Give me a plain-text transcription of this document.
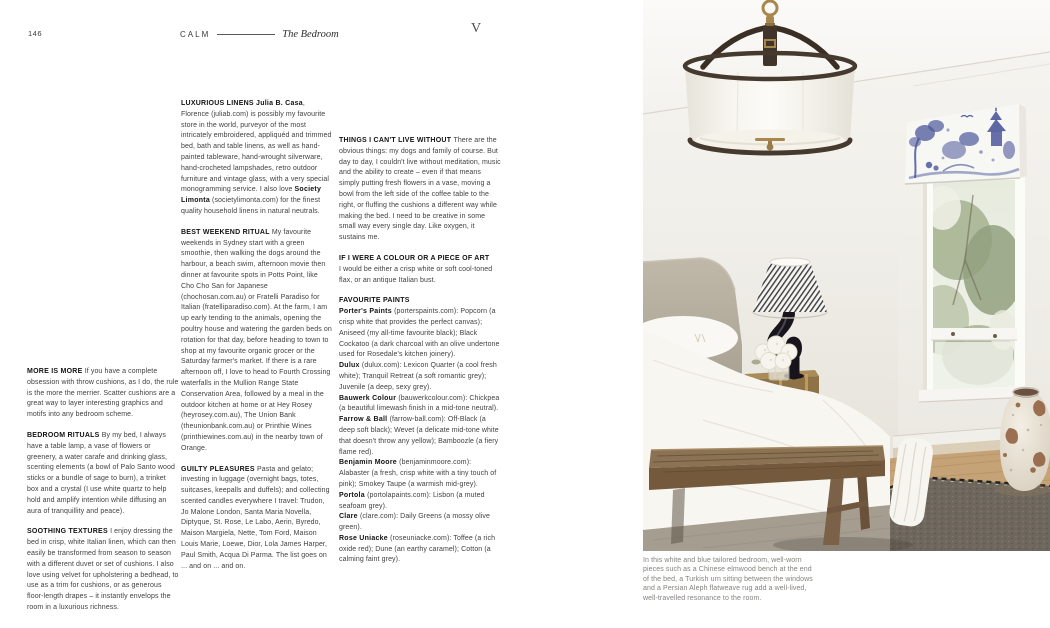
146	CALM	The Bedroom	V

MORE IS MORE If you have a complete obsession with throw cushions, as I do, the rule is the more the merrier. Scatter cushions are a great way to layer interesting graphics and motifs into any bedroom scheme.

BEDROOM RITUALS By my bed, I always have a table lamp, a vase of flowers or greenery, a water carafe and drinking glass, scenting elements (a bowl of Palo Santo wood sticks or a bundle of sage to burn), a trinket box and a crystal (I use white quartz to help hold and amplify intention while diffusing an aura of tranquillity and peace).

SOOTHING TEXTURES I enjoy dressing the bed in crisp, white Italian linen, which can then easily be transformed from season to season with a different duvet or set of cushions. I also love using velvet for upholstering a bedhead, to use as a trim for cushions, or as generous floor-length drapes – it instantly envelops the room in a luxurious richness.

LUXURIOUS LINENS Julia B. Casa, Florence (juliab.com) is possibly my favourite store in the world, purveyor of the most intricately embroidered, appliquéd and trimmed bed, bath and table linens, as well as hand-painted tableware, hand-wrought silverware, hand-crocheted lampshades, retro outdoor furniture and vintage glass, with a very special monogramming service. I also love Society Limonta (societylimonta.com) for the finest quality household linens in natural neutrals.

BEST WEEKEND RITUAL My favourite weekends in Sydney start with a green smoothie, then walking the dogs around the harbour, a beach swim, afternoon movie then dinner at favourite spots in Potts Point, like Cho Cho San for Japanese (chochosan.com.au) or Fratelli Paradiso for Italian (fratelliparadiso.com). At the farm, I am up early tending to the animals, opening the poultry house and watering the garden beds on rotation for that day, before heading to town to shop at my favourite organic grocer or the Saturday farmer's market. If there is a rare afternoon off, I love to head to Fourth Crossing waterfalls in the Mullion Range State Conservation Area, followed by a meal in the outdoor kitchen at home or at Hey Rosey (heyrosey.com.au), The Union Bank (theunionbank.com.au) or Printhie Wines (printhiewines.com.au) in the nearby town of Orange.

GUILTY PLEASURES Pasta and gelato; investing in luggage (overnight bags, totes, suitcases, keepalls and duffels); and collecting scented candles everywhere I travel: Trudon, Jo Malone London, Santa Maria Novella, Diptyque, St. Rose, Le Labo, Aerin, Byredo, Maison Margiela, Nette, Tom Ford, Maison Louis Marie, Loewe, Dior, Lola James Harper, Paul Smith, Acqua Di Parma. The list goes on ... and on ... and on.

THINGS I CAN'T LIVE WITHOUT There are the obvious things: my dogs and family of course. But day to day, I couldn't live without meditation, music and the ability to create – even if that means simply putting fresh flowers in a vase, moving a bowl from the left side of the coffee table to the right, or fluffing the cushions a different way while making the bed. I need to be creative in some small way every single day. Like oxygen, it sustains me.

IF I WERE A COLOUR OR A PIECE OF ART
I would be either a crisp white or soft cool-toned flax, or an antique Italian bust.

FAVOURITE PAINTS

Porter's Paints (porterspaints.com): Popcorn (a crisp white that provides the perfect canvas); Aniseed (my all-time favourite black); Black Cockatoo (a dark charcoal with an olive undertone used for Rosedale's kitchen joinery).

Dulux (dulux.com): Lexicon Quarter (a cool fresh white); Tranquil Retreat (a soft romantic grey); Juvenile (a deep, sexy grey).

Bauwerk Colour (bauwerkcolour.com): Chickpea (a beautiful limewash finish in a mid-tone neutral).

Farrow & Ball (farrow-ball.com): Off-Black (a deep soft black); Wevet (a delicate mid-tone white that doesn't throw any yellow); Bamboozle (a fiery flame red).

Benjamin Moore (benjaminmoore.com): Alabaster (a fresh, crisp white with a tiny touch of pink); Smokey Taupe (a warmish mid-grey).

Portola (portolapaints.com): Lisbon (a muted seafoam grey).

Clare (clare.com): Daily Greens (a mossy olive green).

Rose Uniacke (roseuniacke.com): Toffee (a rich oxide red); Dune (an earthy caramel); Cotton (a calming faint grey).	In this white and blue tailored bedroom, well-worn pieces such as a Chinese elmwood bench at the end of the bed, a Turkish urn sitting between the windows and a Persian Aleph flatweave rug add a well-lived, well-travelled resonance to the room.
